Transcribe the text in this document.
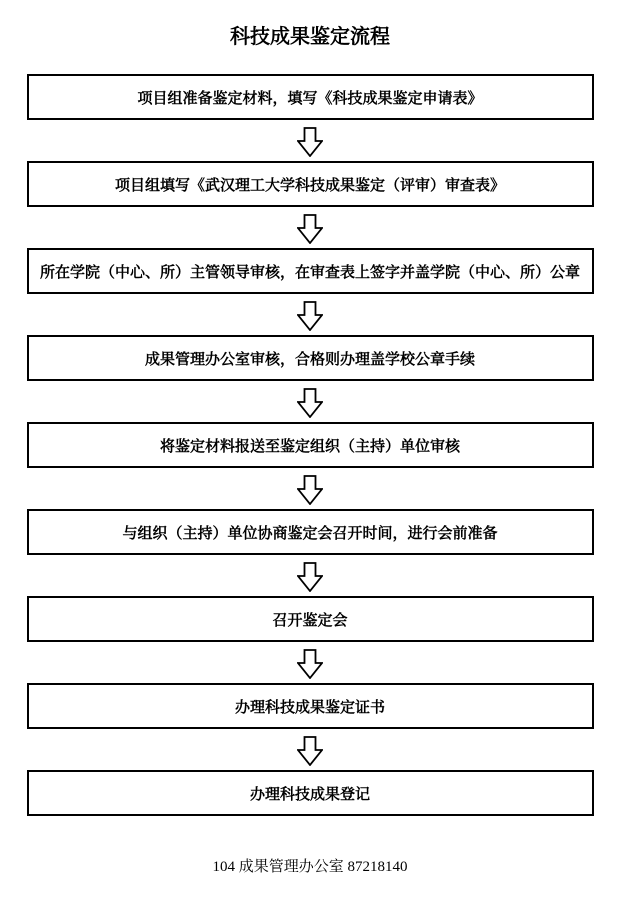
科技成果鉴定流程
项目组准备鉴定材料，填写《科技成果鉴定申请表》
项目组填写《武汉理工大学科技成果鉴定（评审）审查表》
所在学院（中心、所）主管领导审核，在审查表上签字并盖学院（中心、所）公章
成果管理办公室审核，合格则办理盖学校公章手续
将鉴定材料报送至鉴定组织（主持）单位审核
与组织（主持）单位协商鉴定会召开时间，进行会前准备
召开鉴定会
办理科技成果鉴定证书
办理科技成果登记
104 成果管理办公室 87218140
